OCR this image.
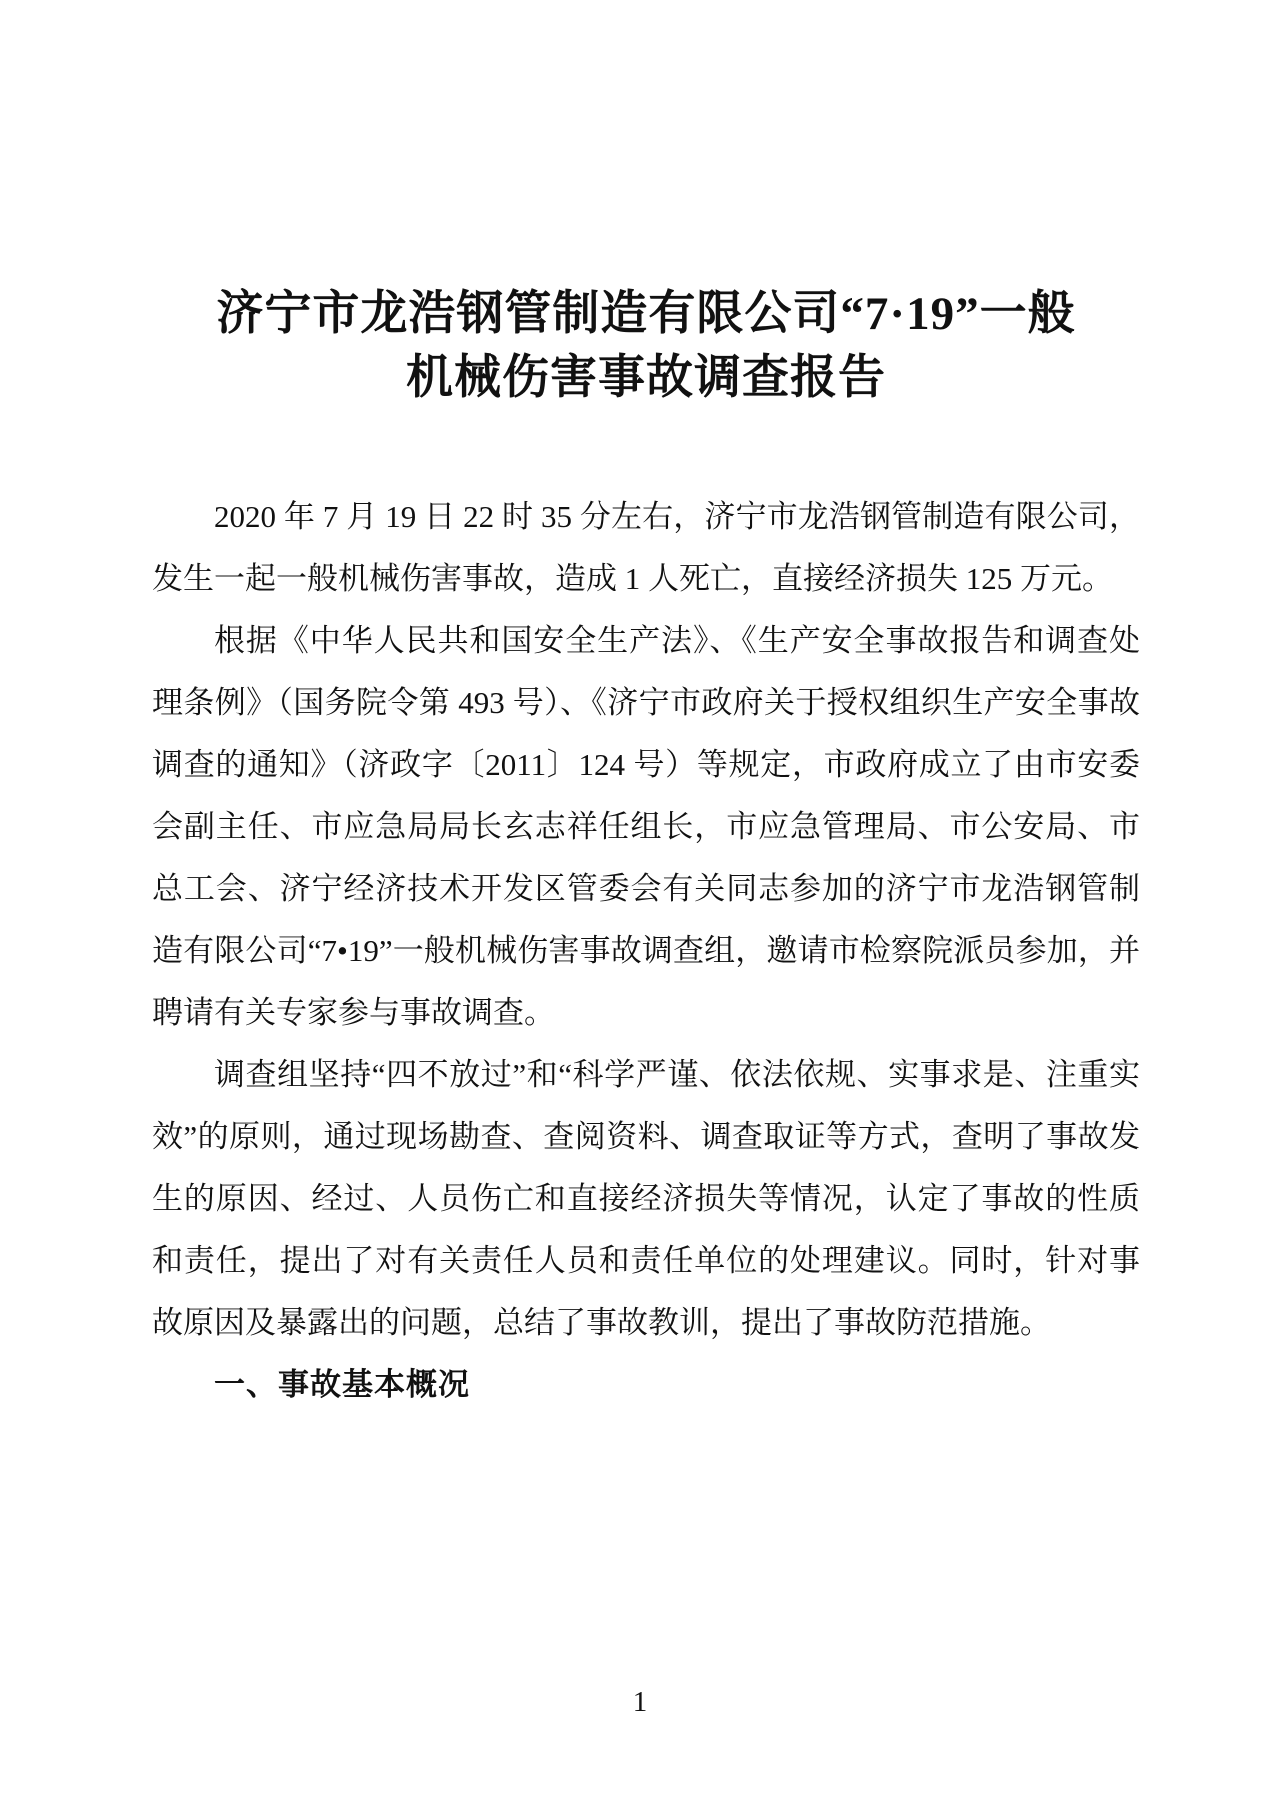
济宁市龙浩钢管制造有限公司“7·19”一般
机械伤害事故调查报告

2020 年 7 月 19 日 22 时 35 分左右，济宁市龙浩钢管制造有限公司，发生一起一般机械伤害事故，造成 1 人死亡，直接经济损失 125 万元。

根据《中华人民共和国安全生产法》、《生产安全事故报告和调查处理条例》（国务院令第 493 号）、《济宁市政府关于授权组织生产安全事故调查的通知》（济政字〔2011〕124 号）等规定，市政府成立了由市安委会副主任、市应急局局长玄志祥任组长，市应急管理局、市公安局、市总工会、济宁经济技术开发区管委会有关同志参加的济宁市龙浩钢管制造有限公司“7•19”一般机械伤害事故调查组，邀请市检察院派员参加，并聘请有关专家参与事故调查。

调查组坚持“四不放过”和“科学严谨、依法依规、实事求是、注重实效”的原则，通过现场勘查、查阅资料、调查取证等方式，查明了事故发生的原因、经过、人员伤亡和直接经济损失等情况，认定了事故的性质和责任，提出了对有关责任人员和责任单位的处理建议。同时，针对事故原因及暴露出的问题，总结了事故教训，提出了事故防范措施。

一、事故基本概况
1
